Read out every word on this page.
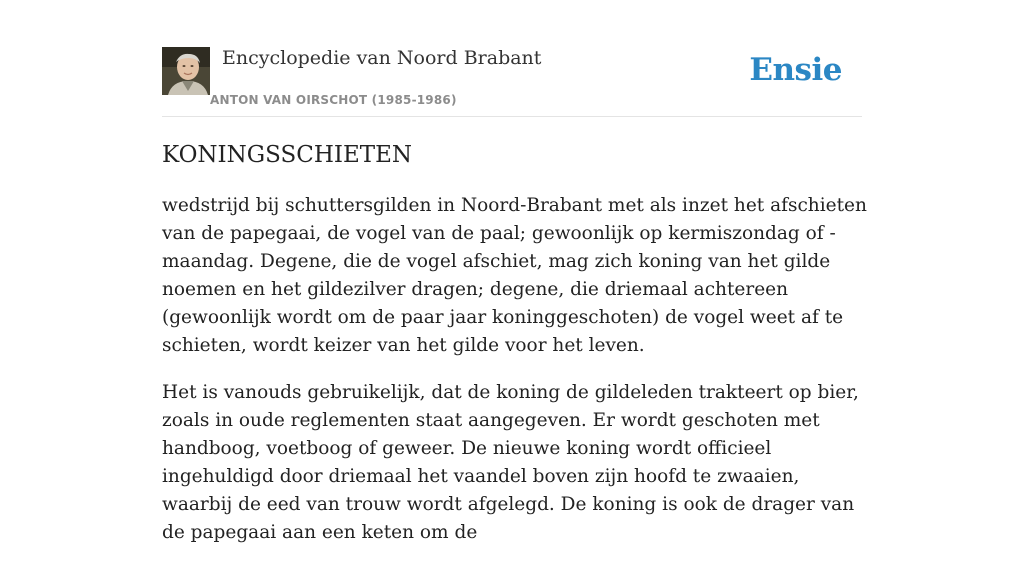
Encyclopedie van Noord Brabant
ANTON VAN OIRSCHOT (1985-1986)
Ensie
KONINGSSCHIETEN

wedstrijd bij schuttersgilden in Noord-Brabant met als inzet het afschieten van de papegaai, de vogel van de paal; gewoonlijk op kermiszondag of -maandag. Degene, die de vogel afschiet, mag zich koning van het gilde noemen en het gildezilver dragen; degene, die driemaal achtereen (gewoonlijk wordt om de paar jaar koninggeschoten) de vogel weet af te schieten, wordt keizer van het gilde voor het leven.

Het is vanouds gebruikelijk, dat de koning de gildeleden trakteert op bier, zoals in oude reglementen staat aangegeven. Er wordt geschoten met handboog, voetboog of geweer. De nieuwe koning wordt officieel ingehuldigd door driemaal het vaandel boven zijn hoofd te zwaaien, waarbij de eed van trouw wordt afgelegd. De koning is ook de drager van de papegaai aan een keten om de
